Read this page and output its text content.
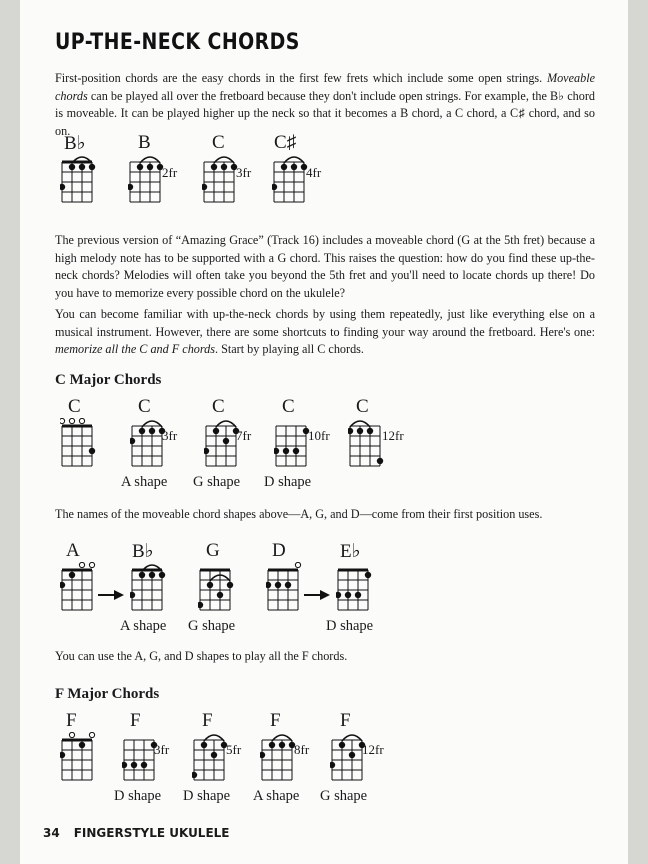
UP-THE-NECK CHORDS

First-position chords are the easy chords in the first few frets which include some open strings. Moveable chords can be played all over the fretboard because they don't include open strings. For example, the B♭ chord is moveable. It can be played higher up the neck so that it becomes a B chord, a C chord, a C♯ chord, and so on.

B♭	B
2fr
C
3fr
C♯
4fr

The previous version of “Amazing Grace” (Track 16) includes a moveable chord (G at the 5th fret) because a high melody note has to be supported with a G chord. This raises the question: how do you find these up-the-neck chords? Melodies will often take you beyond the 5th fret and you'll need to locate chords up there! Do you have to memorize every possible chord on the ukulele?

You can become familiar with up-the-neck chords by using them repeatedly, just like everything else on a musical instrument. However, there are some shortcuts to finding your way around the fretboard. Here's one: memorize all the C and F chords. Start by playing all C chords.

C Major Chords
C	C
3fr
A shape
C
7fr
G shape
C
10fr
D shape
C
12fr

The names of the moveable chord shapes above—A, G, and D—come from their first position uses.

A	B♭
A shape
G
G shape
D	E♭
D shape

You can use the A, G, and D shapes to play all the F chords.

F Major Chords
F	F
3fr
D shape
F
5fr
D shape
F
8fr
A shape
F
12fr
G shape
34 FINGERSTYLE UKULELE
